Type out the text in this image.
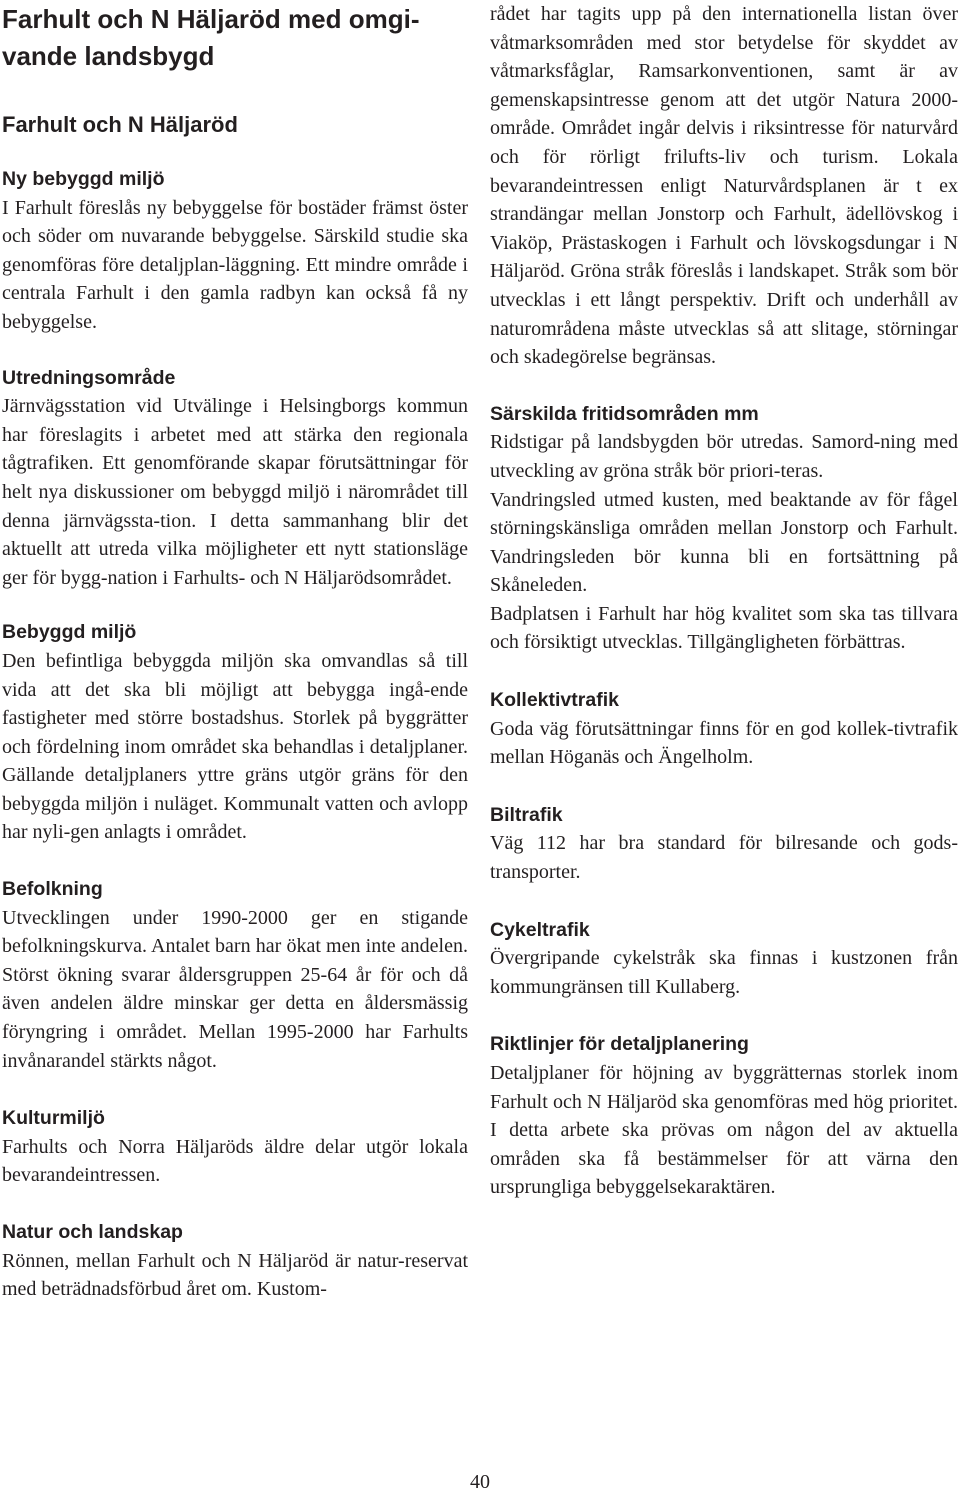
Farhult och N Häljaröd med omgi-vande landsbygd
Farhult och N Häljaröd
Ny bebyggd miljö

I Farhult föreslås ny bebyggelse för bostäder främst öster och söder om nuvarande bebyggelse. Särskild studie ska genomföras före detaljplan-läggning. Ett mindre område i centrala Farhult i den gamla radbyn kan också få ny bebyggelse.

Utredningsområde

Järnvägsstation vid Utvälinge i Helsingborgs kommun har föreslagits i arbetet med att stärka den regionala tågtrafiken. Ett genomförande skapar förutsättningar för helt nya diskussioner om bebyggd miljö i närområdet till denna järnvägssta-tion. I detta sammanhang blir det aktuellt att utreda vilka möjligheter ett nytt stationsläge ger för bygg-nation i Farhults- och N Häljarödsområdet.

Bebyggd miljö

Den befintliga bebyggda miljön ska omvandlas så till vida att det ska bli möjligt att bebygga ingå-ende fastigheter med större bostadshus. Storlek på byggrätter och fördelning inom området ska behandlas i detaljplaner. Gällande detaljplaners yttre gräns utgör gräns för den bebyggda miljön i nuläget. Kommunalt vatten och avlopp har nyli-gen anlagts i området.

Befolkning

Utvecklingen under 1990-2000 ger en stigande befolkningskurva. Antalet barn har ökat men inte andelen. Störst ökning svarar åldersgruppen 25-64 år för och då även andelen äldre minskar ger detta en åldersmässig föryngring i området. Mellan 1995-2000 har Farhults invånarandel stärkts något.

Kulturmiljö

Farhults och Norra Häljaröds äldre delar utgör lokala bevarandeintressen.

Natur och landskap

Rönnen, mellan Farhult och N Häljaröd är natur-reservat med beträdnadsförbud året om. Kustom-

rådet har tagits upp på den internationella listan över våtmarksområden med stor betydelse för skyddet av våtmarksfåglar, Ramsarkonventionen, samt är av gemenskapsintresse genom att det utgör Natura 2000-område. Området ingår delvis i riksintresse för naturvård och för rörligt frilufts-liv och turism. Lokala bevarandeintressen enligt Naturvårdsplanen är t ex strandängar mellan Jonstorp och Farhult, ädellövskog i Viaköp, Prästaskogen i Farhult och lövskogsdungar i N Häljaröd. Gröna stråk föreslås i landskapet. Stråk som bör utvecklas i ett långt perspektiv. Drift och underhåll av naturområdena måste utvecklas så att slitage, störningar och skadegörelse begränsas.

Särskilda fritidsområden mm

Ridstigar på landsbygden bör utredas. Samord-ning med utveckling av gröna stråk bör priori-teras.

Vandringsled utmed kusten, med beaktande av för fågel störningskänsliga områden mellan Jonstorp och Farhult. Vandringsleden bör kunna bli en fortsättning på Skåneleden.

Badplatsen i Farhult har hög kvalitet som ska tas tillvara och försiktigt utvecklas. Tillgängligheten förbättras.

Kollektivtrafik

Goda väg förutsättningar finns för en god kollek-tivtrafik mellan Höganäs och Ängelholm.

Biltrafik

Väg 112 har bra standard för bilresande och gods-transporter.

Cykeltrafik

Övergripande cykelstråk ska finnas i kustzonen från kommungränsen till Kullaberg.

Riktlinjer för detaljplanering

Detaljplaner för höjning av byggrätternas storlek inom Farhult och N Häljaröd ska genomföras med hög prioritet. I detta arbete ska prövas om någon del av aktuella områden ska få bestämmelser för att värna den ursprungliga bebyggelsekaraktären.

40
